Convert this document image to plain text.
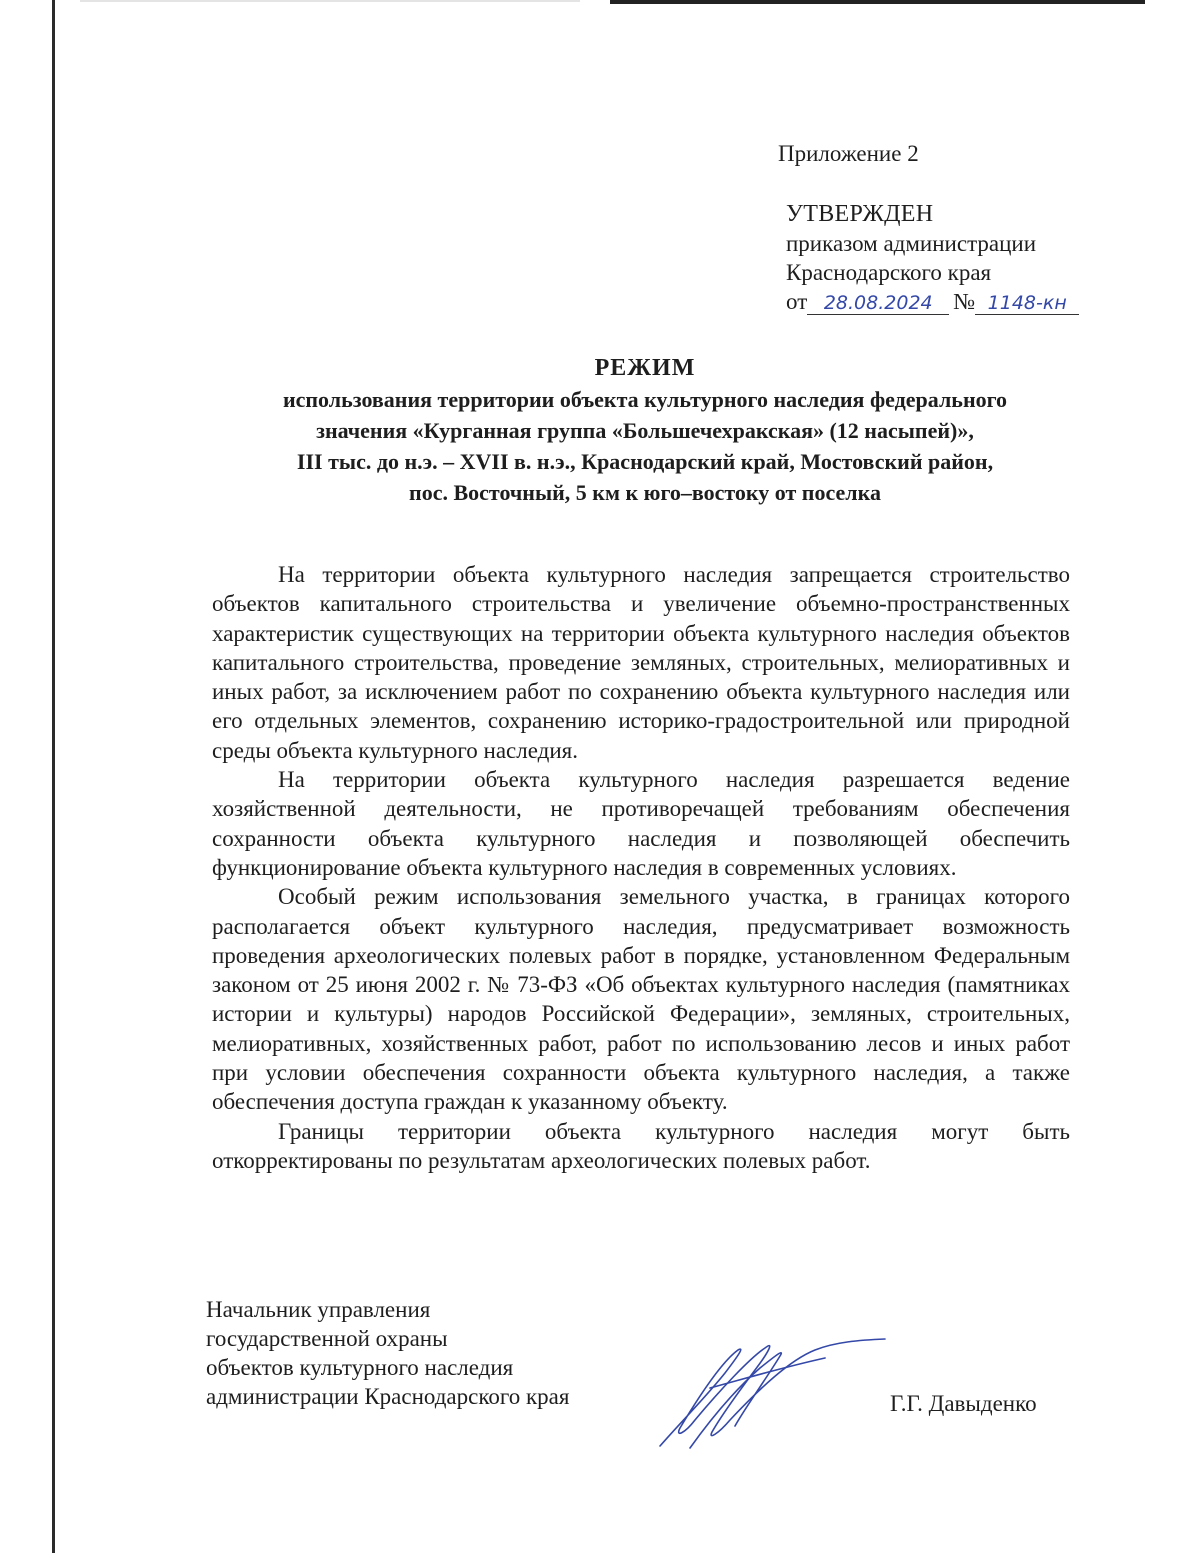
Приложение 2
УТВЕРЖДЕН
приказом администрации
Краснодарского края
от 28.08.2024 № 1148-кн
РЕЖИМ
использования территории объекта культурного наследия федерального
значения «Курганная группа «Большечехракская» (12 насыпей)»,
III тыс. до н.э. – XVII в. н.э., Краснодарский край, Мостовский район,
пос. Восточный, 5 км к юго–востоку от поселка

На территории объекта культурного наследия запрещается строительство объектов капитального строительства и увеличение объемно-пространственных характеристик существующих на территории объекта культурного наследия объектов капитального строительства, проведение земляных, строительных, мелиоративных и иных работ, за исключением работ по сохранению объекта культурного наследия или его отдельных элементов, сохранению историко-градостроительной или природной среды объекта культурного наследия.

На территории объекта культурного наследия разрешается ведение хозяйственной деятельности, не противоречащей требованиям обеспечения сохранности объекта культурного наследия и позволяющей обеспечить функционирование объекта культурного наследия в современных условиях.

Особый режим использования земельного участка, в границах которого располагается объект культурного наследия, предусматривает возможность проведения археологических полевых работ в порядке, установленном Федеральным законом от 25 июня 2002 г. № 73-ФЗ «Об объектах культурного наследия (памятниках истории и культуры) народов Российской Федерации», земляных, строительных, мелиоративных, хозяйственных работ, работ по использованию лесов и иных работ при условии обеспечения сохранности объекта культурного наследия, а также обеспечения доступа граждан к указанному объекту.

Границы территории объекта культурного наследия могут быть откорректированы по результатам археологических полевых работ.

Начальник управления
государственной охраны
объектов культурного наследия
администрации Краснодарского края	Г.Г. Давыденко
